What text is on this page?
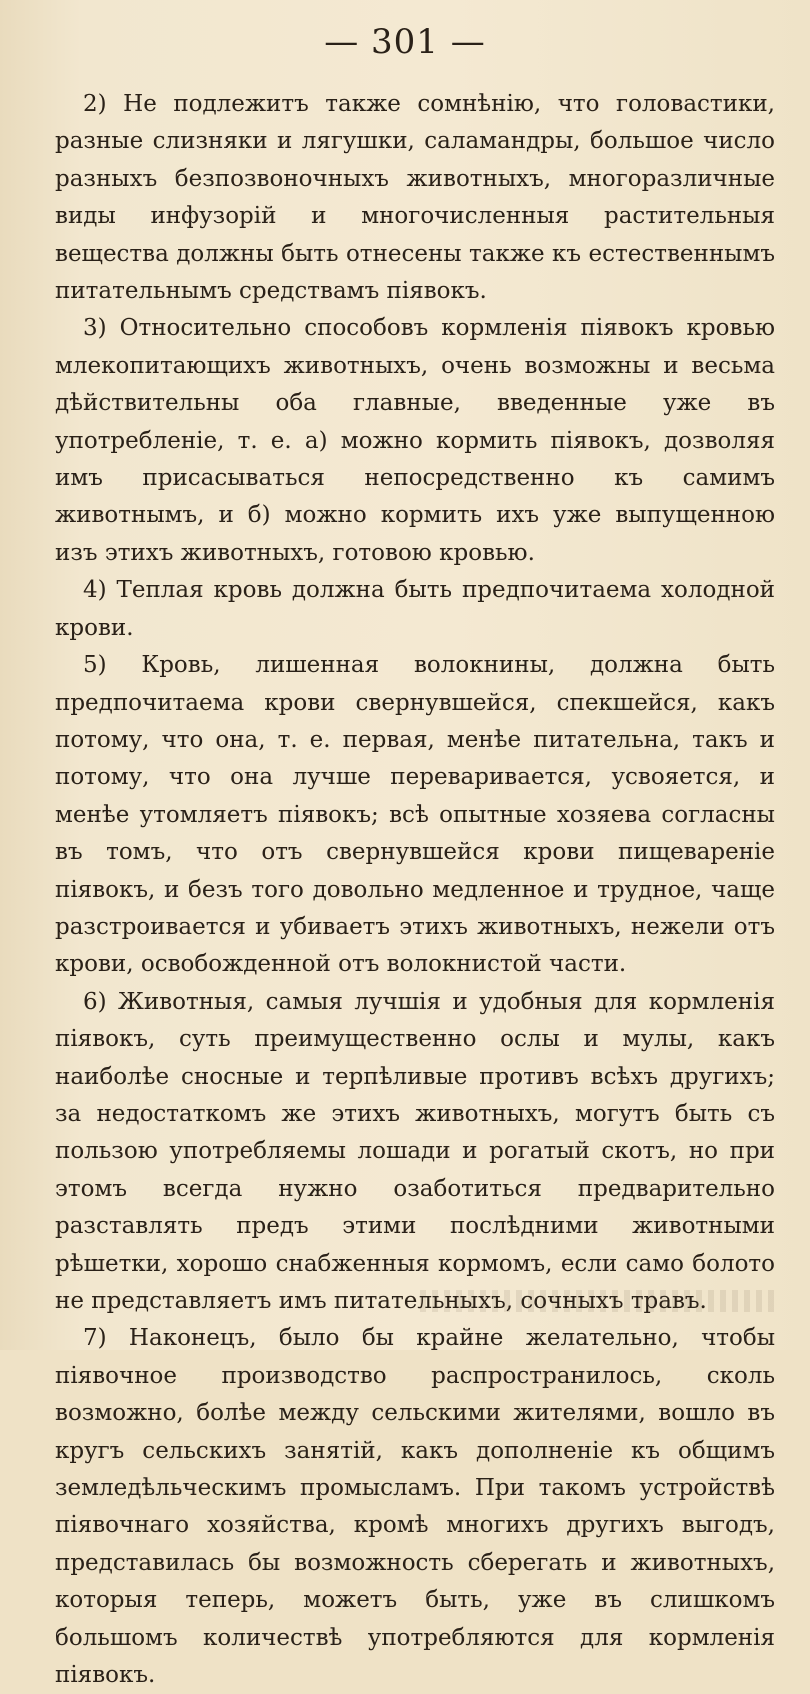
— 301 —

2) Не подлежитъ также сомнѣнію, что головастики, разные слизняки и лягушки, саламандры, большое число разныхъ безпозвоночныхъ животныхъ, многоразличные виды инфузорій и многочисленныя растительныя вещества должны быть отнесены также къ естественнымъ питательнымъ средствамъ піявокъ.

3) Относительно способовъ кормленія піявокъ кровью млекопитающихъ животныхъ, очень возможны и весьма дѣйствительны оба главные, введенные уже въ употребленіе, т. е. а) можно кормить піявокъ, дозволяя имъ присасываться непосредственно къ самимъ животнымъ, и б) можно кормить ихъ уже выпущенною изъ этихъ животныхъ, готовою кровью.

4) Теплая кровь должна быть предпочитаема холодной крови.

5) Кровь, лишенная волокнины, должна быть предпочитаема крови свернувшейся, спекшейся, какъ потому, что она, т. е. первая, менѣе питательна, такъ и потому, что она лучше переваривается, усвояется, и менѣе утомляетъ піявокъ; всѣ опытные хозяева согласны въ томъ, что отъ свернувшейся крови пищевареніе піявокъ, и безъ того довольно медленное и трудное, чаще разстроивается и убиваетъ этихъ животныхъ, нежели отъ крови, освобожденной отъ волокнистой части.

6) Животныя, самыя лучшія и удобныя для кормленія піявокъ, суть преимущественно ослы и мулы, какъ наиболѣе сносные и терпѣливые противъ всѣхъ другихъ; за недостаткомъ же этихъ животныхъ, могутъ быть съ пользою употребляемы лошади и рогатый скотъ, но при этомъ всегда нужно озаботиться предварительно разставлять предъ этими послѣдними животными рѣшетки, хорошо снабженныя кормомъ, если само болото не представляетъ имъ питательныхъ, сочныхъ травъ.

7) Наконецъ, было бы крайне желательно, чтобы піявочное производство распространилось, сколь возможно, болѣе между сельскими жителями, вошло въ кругъ сельскихъ занятій, какъ дополненіе къ общимъ земледѣльческимъ промысламъ. При такомъ устройствѣ піявочнаго хозяйства, кромѣ многихъ другихъ выгодъ, представилась бы возможность сберегать и животныхъ, которыя теперь, можетъ быть, уже въ слишкомъ большомъ количествѣ употребляются для кормленія піявокъ.
